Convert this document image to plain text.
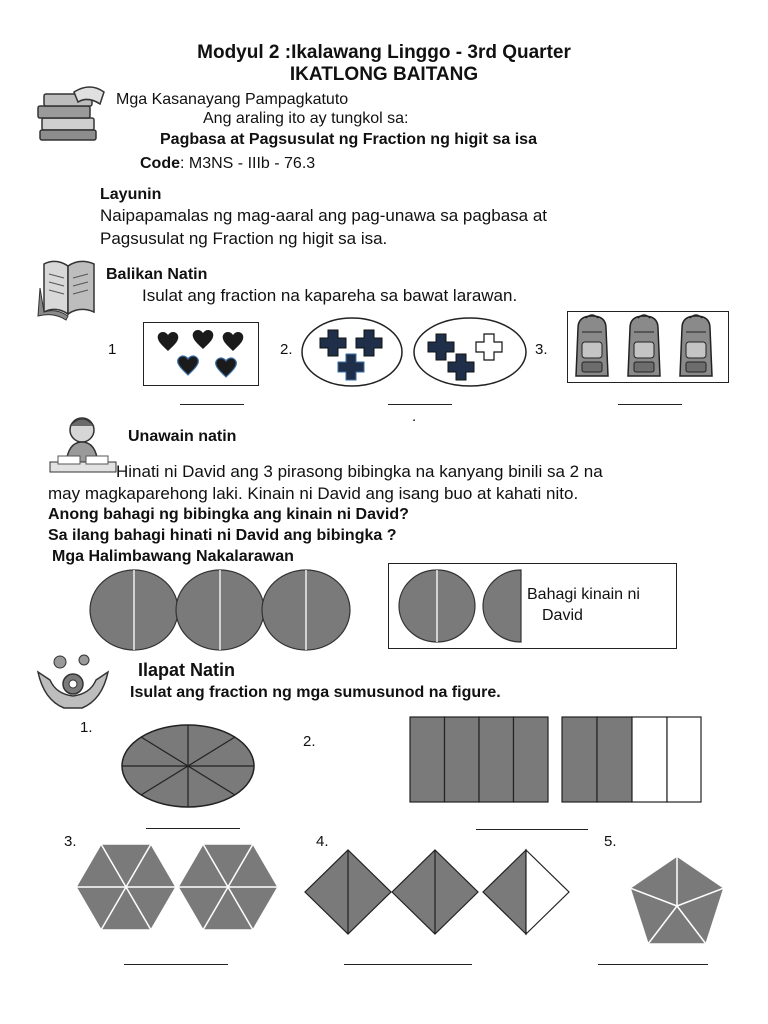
Modyul 2 :Ikalawang Linggo - 3rd Quarter
IKATLONG BAITANG
Mga Kasanayang Pampagkatuto
Ang araling ito ay tungkol sa:
Pagbasa at Pagsusulat ng Fraction ng higit sa isa
Code: M3NS - IIIb - 76.3
Layunin
Naipapamalas ng mag-aaral ang pag-unawa sa pagbasa at
Pagsusulat ng Fraction ng higit sa isa.
Balikan Natin
Isulat ang fraction na kapareha sa bawat larawan.
1	2.
.
3.
Unawain natin
Hinati ni David ang 3 pirasong bibingka na kanyang binili sa 2 na
may magkaparehong laki. Kinain ni David ang isang buo at kahati nito.
Anong bahagi ng bibingka ang kinain ni David?
Sa ilang bahagi hinati ni David ang bibingka ?
Mga Halimbawang Nakalarawan
Bahagi kinain ni
David
Ilapat Natin
Isulat ang fraction ng mga sumusunod na figure.
1.
2.
3.	4.	5.
